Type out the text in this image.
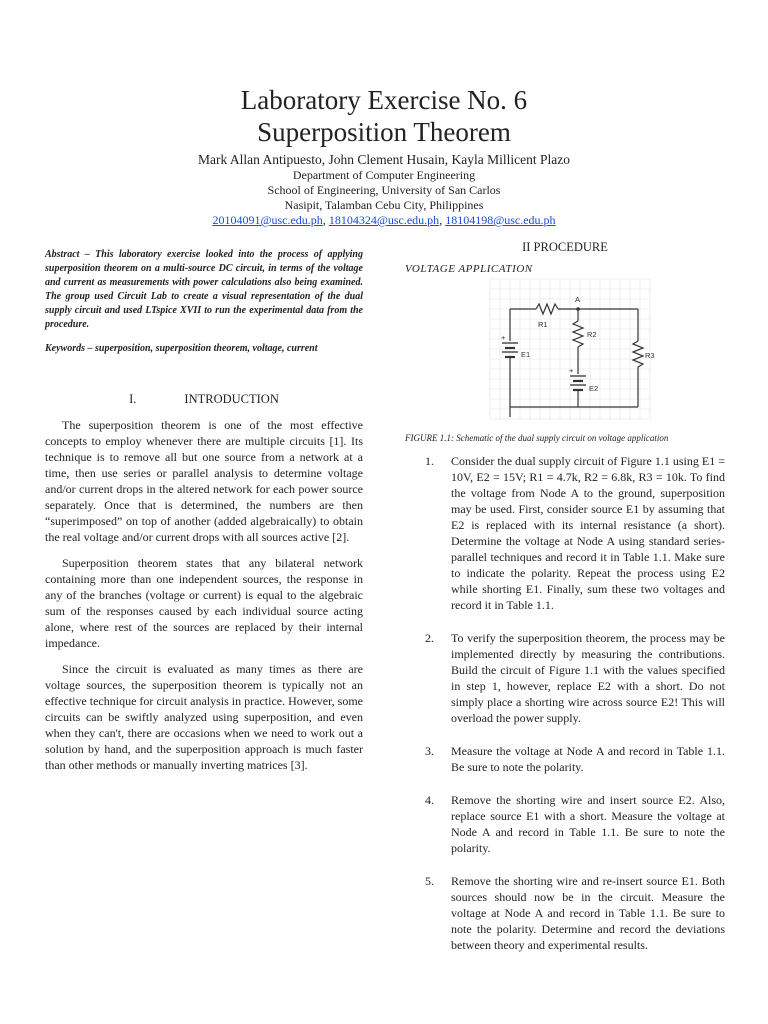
Laboratory Exercise No. 6
Superposition Theorem
Mark Allan Antipuesto, John Clement Husain, Kayla Millicent Plazo
Department of Computer Engineering
School of Engineering, University of San Carlos
Nasipit, Talamban Cebu City, Philippines
20104091@usc.edu.ph, 18104324@usc.edu.ph, 18104198@usc.edu.ph

Abstract – This laboratory exercise looked into the process of applying superposition theorem on a multi-source DC circuit, in terms of the voltage and current as measurements with power calculations also being examined. The group used Circuit Lab to create a visual representation of the dual supply circuit and used LTspice XVII to run the experimental data from the procedure.

Keywords – superposition, superposition theorem, voltage, current

I.	INTRODUCTION

The superposition theorem is one of the most effective concepts to employ whenever there are multiple circuits [1]. Its technique is to remove all but one source from a network at a time, then use series or parallel analysis to determine voltage and/or current drops in the altered network for each power source separately. Once that is determined, the numbers are then “superimposed” on top of another (added algebraically) to obtain the real voltage and/or current drops with all sources active [2].

Superposition theorem states that any bilateral network containing more than one independent sources, the response in any of the branches (voltage or current) is equal to the algebraic sum of the responses caused by each individual source acting alone, where rest of the sources are replaced by their internal impedance.

Since the circuit is evaluated as many times as there are voltage sources, the superposition theorem is typically not an effective technique for circuit analysis in practice. However, some circuits can be swiftly analyzed using superposition, and even when they can't, there are occasions when we need to work out a solution by hand, and the superposition approach is much faster than other methods or manually inverting matrices [3].

II PROCEDURE
VOLTAGE APPLICATION
A
R1
R2
R3
E1
E2
+
+
FIGURE 1.1: Schematic of the dual supply circuit on voltage application
1. Consider the dual supply circuit of Figure 1.1 using E1 = 10V, E2 = 15V; R1 = 4.7k, R2 = 6.8k, R3 = 10k. To find the voltage from Node A to the ground, superposition may be used. First, consider source E1 by assuming that E2 is replaced with its internal resistance (a short). Determine the voltage at Node A using standard series-parallel techniques and record it in Table 1.1. Make sure to indicate the polarity. Repeat the process using E2 while shorting E1. Finally, sum these two voltages and record it in Table 1.1.
2. To verify the superposition theorem, the process may be implemented directly by measuring the contributions. Build the circuit of Figure 1.1 with the values specified in step 1, however, replace E2 with a short. Do not simply place a shorting wire across source E2! This will overload the power supply.
3. Measure the voltage at Node A and record in Table 1.1. Be sure to note the polarity.
4. Remove the shorting wire and insert source E2. Also, replace source E1 with a short. Measure the voltage at Node A and record in Table 1.1. Be sure to note the polarity.
5. Remove the shorting wire and re-insert source E1. Both sources should now be in the circuit. Measure the voltage at Node A and record in Table 1.1. Be sure to note the polarity. Determine and record the deviations between theory and experimental results.
